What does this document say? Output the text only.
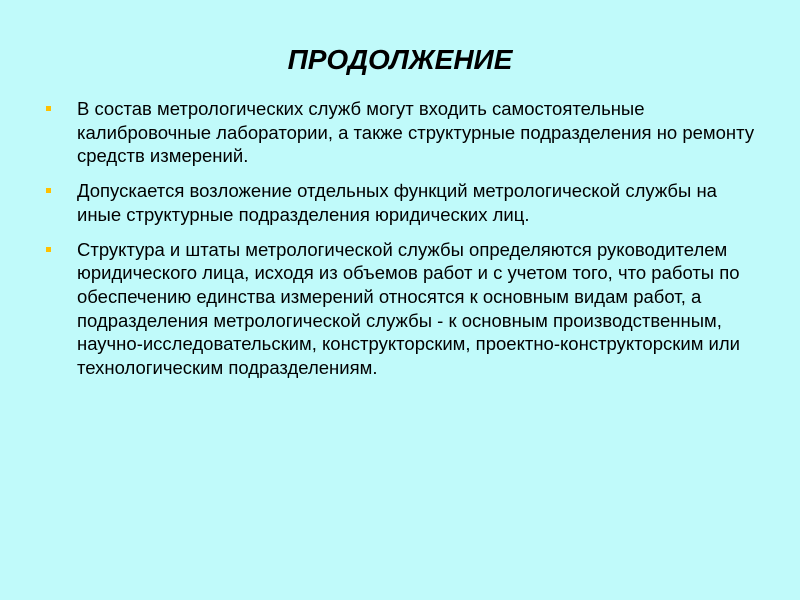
ПРОДОЛЖЕНИЕ
В состав метрологических служб могут входить самостоятельные калибровочные лаборатории, а также структурные подразделения но ремонту средств измерений.
Допускается возложение отдельных функций метрологической службы на иные структурные подразделения юридических лиц.
Структура и штаты метрологической службы определяются руководителем юридического лица, исходя из объемов работ и с учетом того, что работы по обеспечению единства измерений относятся к основным видам работ, а подразделения метрологической службы - к основным производственным, научно-исследовательским, конструкторским, проектно-конструкторским или технологическим подразделениям.
